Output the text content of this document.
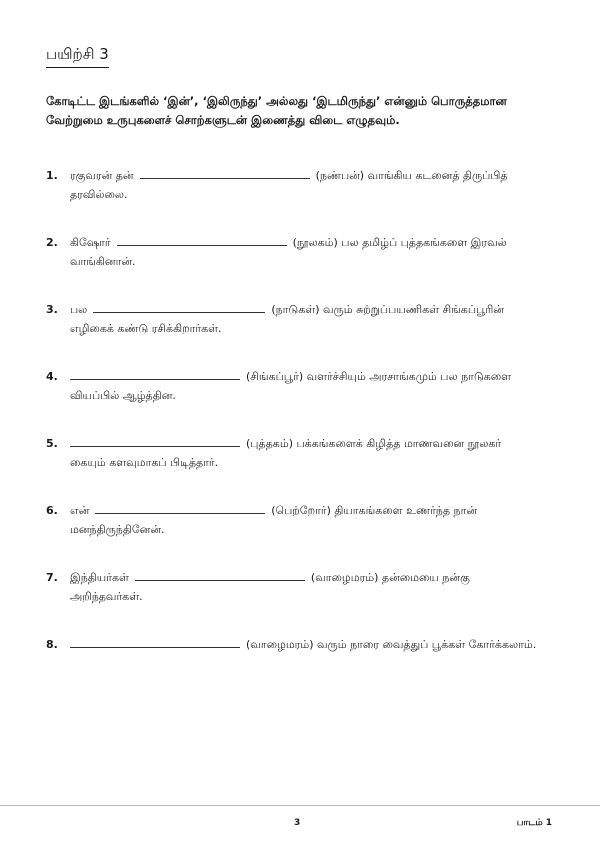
பயிற்சி 3
கோடிட்ட இடங்களில் ‘இன்’, ‘இலிருந்து’ அல்லது ‘இடமிருந்து’ என்னும் பொருத்தமான வேற்றுமை உருபுகளைச் சொற்களுடன் இணைத்து விடை எழுதவும்.
1. ரகுவரன் தன்	(நண்பன்) வாங்கிய கடனைத் திருப்பித்
தரவில்லை.
2. கிஷோர்	(நூலகம்) பல தமிழ்ப் புத்தகங்களை இரவல்
வாங்கினான்.
3. பல	(நாடுகள்) வரும் சுற்றுப்பயணிகள் சிங்கப்பூரின்
எழிகைக் கண்டு ரசிக்கிறார்கள்.
4.	(சிங்கப்பூர்) வளர்ச்சியும் அரசாங்கமும் பல நாடுகளை
வியப்பில் ஆழ்த்தின.
5.	(புத்தகம்) பக்கங்களைக் கிழித்த மாணவனை நூலகர்
கையும் களவுமாகப் பிடித்தார்.
6. என்	(பெற்றோர்) தியாகங்களை உணர்ந்த நான்
மனந்திருந்தினேன்.
7. இந்தியர்கள்	(வாழைமரம்) தன்மையை நன்கு
அறிந்தவர்கள்.
8.	(வாழைமரம்) வரும் நாரை வைத்துப் பூக்கள் கோர்க்கலாம்.
3	பாடம் 1
